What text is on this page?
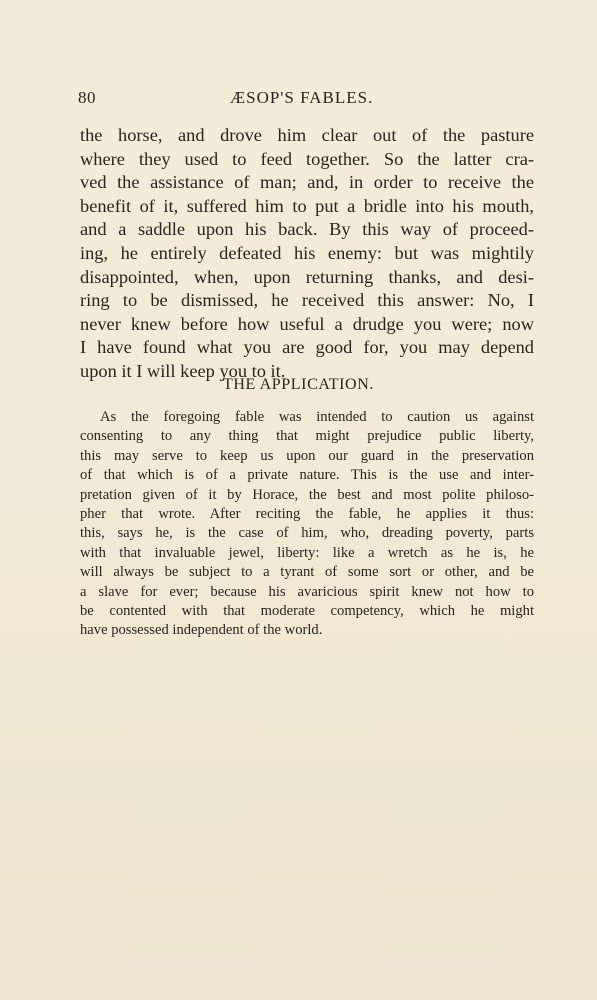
80	ÆSOP'S FABLES.
the horse, and drove him clear out of the pasture
where they used to feed together. So the latter cra-
ved the assistance of man; and, in order to receive the
benefit of it, suffered him to put a bridle into his mouth,
and a saddle upon his back. By this way of proceed-
ing, he entirely defeated his enemy: but was mightily
disappointed, when, upon returning thanks, and desi-
ring to be dismissed, he received this answer: No, I
never knew before how useful a drudge you were; now
I have found what you are good for, you may depend
upon it I will keep you to it.
THE APPLICATION.
As the foregoing fable was intended to caution us against
consenting to any thing that might prejudice public liberty,
this may serve to keep us upon our guard in the preservation
of that which is of a private nature. This is the use and inter-
pretation given of it by Horace, the best and most polite philoso-
pher that wrote. After reciting the fable, he applies it thus:
this, says he, is the case of him, who, dreading poverty, parts
with that invaluable jewel, liberty: like a wretch as he is, he
will always be subject to a tyrant of some sort or other, and be
a slave for ever; because his avaricious spirit knew not how to
be contented with that moderate competency, which he might
have possessed independent of the world.
